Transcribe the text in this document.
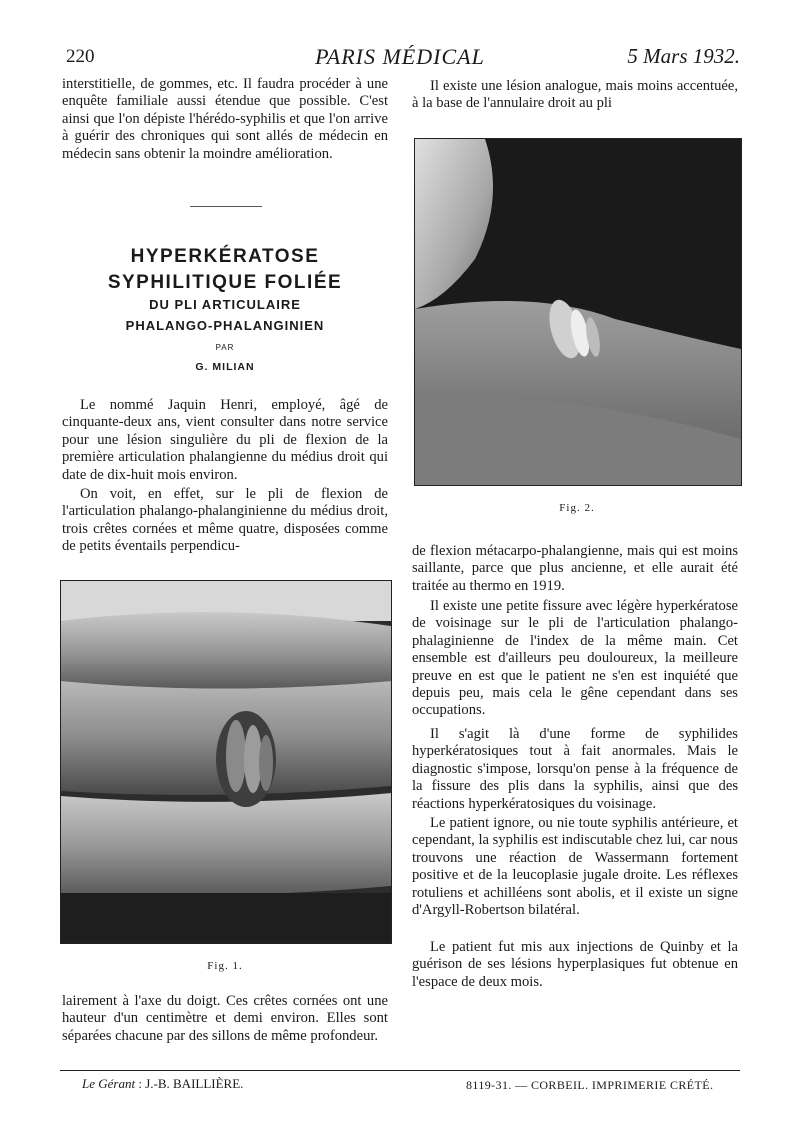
220	PARIS MÉDICAL	5 Mars 1932.

interstitielle, de gommes, etc. Il faudra procéder à une enquête familiale aussi étendue que possible. C'est ainsi que l'on dépiste l'hérédo-syphilis et que l'on arrive à guérir des chroniques qui sont allés de médecin en médecin sans obtenir la moindre amélioration.

HYPERKÉRATOSE
SYPHILITIQUE FOLIÉE
DU PLI ARTICULAIRE
PHALANGO-PHALANGINIEN
PAR
G. MILIAN

Le nommé Jaquin Henri, employé, âgé de cinquante-deux ans, vient consulter dans notre service pour une lésion singulière du pli de flexion de la première articulation phalangienne du médius droit qui date de dix-huit mois environ.

On voit, en effet, sur le pli de flexion de l'articulation phalango-phalanginienne du médius droit, trois crêtes cornées et même quatre, disposées comme de petits éventails perpendicu-

Fig. 1.

lairement à l'axe du doigt. Ces crêtes cornées ont une hauteur d'un centimètre et demi environ. Elles sont séparées chacune par des sillons de même profondeur.

Il existe une lésion analogue, mais moins accentuée, à la base de l'annulaire droit au pli

Fig. 2.

de flexion métacarpo-phalangienne, mais qui est moins saillante, parce que plus ancienne, et elle aurait été traitée au thermo en 1919.

Il existe une petite fissure avec légère hyperkératose de voisinage sur le pli de l'articulation phalango-phalaginienne de l'index de la même main. Cet ensemble est d'ailleurs peu douloureux, la meilleure preuve en est que le patient ne s'en est inquiété que depuis peu, mais cela le gêne cependant dans ses occupations.

Il s'agit là d'une forme de syphilides hyperkératosiques tout à fait anormales. Mais le diagnostic s'impose, lorsqu'on pense à la fréquence de la fissure des plis dans la syphilis, ainsi que des réactions hyperkératosiques du voisinage.

Le patient ignore, ou nie toute syphilis antérieure, et cependant, la syphilis est indiscutable chez lui, car nous trouvons une réaction de Wassermann fortement positive et de la leucoplasie jugale droite. Les réflexes rotuliens et achilléens sont abolis, et il existe un signe d'Argyll-Robertson bilatéral.

Le patient fut mis aux injections de Quinby et la guérison de ses lésions hyperplasiques fut obtenue en l'espace de deux mois.

Le Gérant : J.-B. BAILLIÈRE.	8119-31. — CORBEIL. IMPRIMERIE CRÉTÉ.
